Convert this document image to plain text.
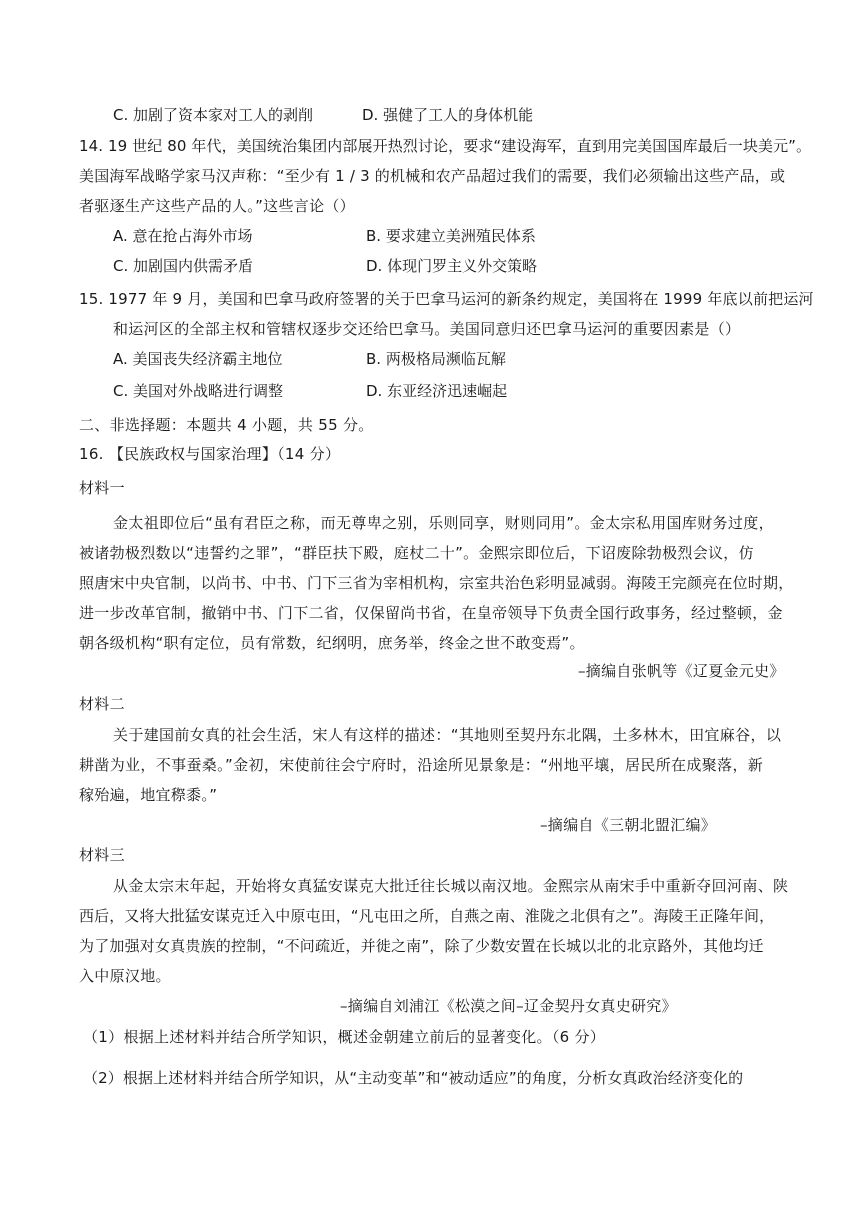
C. 加剧了资本家对工人的剥削	D. 强健了工人的身体机能
14. 19 世纪 80 年代，美国统治集团内部展开热烈讨论，要求“建设海军，直到用完美国国库最后一块美元”。
美国海军战略学家马汉声称：“至少有 1 / 3 的机械和农产品超过我们的需要，我们必须输出这些产品，或
者驱逐生产这些产品的人。”这些言论（）
A. 意在抢占海外市场	B. 要求建立美洲殖民体系
C. 加剧国内供需矛盾	D. 体现门罗主义外交策略
15. 1977 年 9 月，美国和巴拿马政府签署的关于巴拿马运河的新条约规定，美国将在 1999 年底以前把运河
和运河区的全部主权和管辖权逐步交还给巴拿马。美国同意归还巴拿马运河的重要因素是（）
A. 美国丧失经济霸主地位	B. 两极格局濒临瓦解
C. 美国对外战略进行调整	D. 东亚经济迅速崛起
二、非选择题：本题共 4 小题，共 55 分。
16. 【民族政权与国家治理】（14 分）
材料一
金太祖即位后“虽有君臣之称，而无尊卑之别，乐则同享，财则同用”。金太宗私用国库财务过度，
被诸勃极烈数以“违誓约之罪”，“群臣扶下殿，庭杖二十”。金熙宗即位后，下诏废除勃极烈会议，仿
照唐宋中央官制，以尚书、中书、门下三省为宰相机构，宗室共治色彩明显减弱。海陵王完颜亮在位时期，
进一步改革官制，撤销中书、门下二省，仅保留尚书省，在皇帝领导下负责全国行政事务，经过整顿，金
朝各级机构“职有定位，员有常数，纪纲明，庶务举，终金之世不敢变焉”。
–摘编自张帆等《辽夏金元史》
材料二
关于建国前女真的社会生活，宋人有这样的描述：“其地则至契丹东北隅，土多林木，田宜麻谷，以
耕凿为业，不事蚕桑。”金初，宋使前往会宁府时，沿途所见景象是：“州地平壤，居民所在成聚落，新
稼殆遍，地宜穄黍。”
–摘编自《三朝北盟汇编》
材料三
从金太宗末年起，开始将女真猛安谋克大批迁往长城以南汉地。金熙宗从南宋手中重新夺回河南、陕
西后，又将大批猛安谋克迁入中原屯田，“凡屯田之所，自燕之南、淮陇之北俱有之”。海陵王正隆年间，
为了加强对女真贵族的控制，“不问疏近，并徙之南”，除了少数安置在长城以北的北京路外，其他均迁
入中原汉地。
–摘编自刘浦江《松漠之间–辽金契丹女真史研究》
（1）根据上述材料并结合所学知识，概述金朝建立前后的显著变化。（6 分）
（2）根据上述材料并结合所学知识，从“主动变革”和“被动适应”的角度，分析女真政治经济变化的
